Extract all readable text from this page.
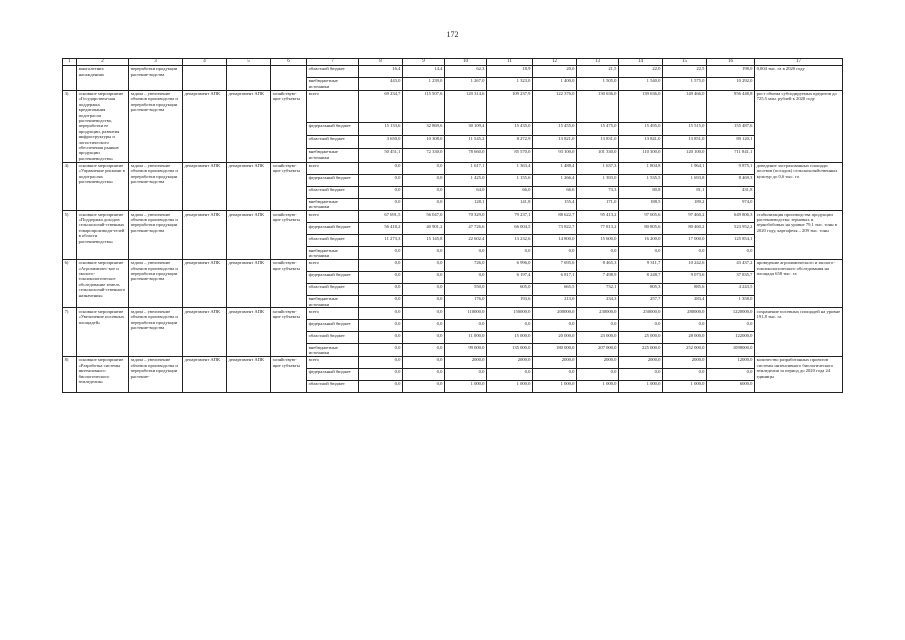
172
1	2	3	4	5	6	7	8	9	10	11	12	13	14	15	16	17
	многолетних насаждениях	переработки продукции растение-водства				областной бюджет	16,4	14,4	62,3	18,9	20,0	21,5	22,0	22,5	198,0	0,004 тыс. га в 2020 году
						внебюджетные источники	443,0	1 239,0	1 267,0	1 323,0	1 400,0	1 505,0	1 540,0	1 575,0	10 292,0	
3)	основное мероприятие «Государствен-ная поддержка кредитования подотрасли растениеводства, переработки ее продукции, развития инфраструктуры и логистического обеспечения рынков продукции растениеводства»	задача – увеличение объемов производства и переработки продукции растение-водства	департамент АПК	департамент АПК	хозяйствую-щие субъекты	всего	69 234,7	115 507,6	120 314,6	109 237,9	122 376,0	130 636,0	139 636,0	149 466,0	956 448,8	рост объема субсидируемых кредитов до 725,5 млн. рублей к 2020 году
						федеральный бюджет	15 133,6	32 869,6	30 109,4	15 435,0	15 455,0	15 475,0	15 495,0	15 515,0	155 487,6	
						областной бюджет	3 650,0	10 308,0	11 545,2	8 272,9	13 821,0	13 831,0	13 841,0	13 851,0	89 120,1	
						внебюджетные источники	50 451,1	72 330,0	78 660,0	85 570,0	93 100,0	101 330,0	110 300,0	120 100,0	711 841,1	
4)	основное мероприятие «Управление рисками в подотраслях растениеводства»	задача – увеличение объемов производства и переработки продукции растение-водства	департамент АПК	департамент АПК	хозяйствую-щие субъекты	всего	0,0	0,0	1 617,1	1 363,4	1 488,4	1 637,3	1 804,8	1 964,1	9 875,1	доведение застрахованных площади посевов (посадок) сельскохозяйственных культур до 0,6 тыс. га
						федеральный бюджет	0,0	0,0	1 425,0	1 155,6	1 266,4	1 393,0	1 535,5	1 693,8	8 469,3	
						областной бюджет	0,0	0,0	64,0	66,0	66,6	73,3	80,8	81,1	431,8	
						внебюджетные источники	0,0	0,0	128,1	141,8	155,4	171,0	188,5	189,2	974,0	
5)	основное мероприятие «Поддержка доходов сельскохозяй-ственных товаропроизводи-телей в области растениеводства»	задача – увеличение объемов производства и переработки продукции растение-водства	департамент АПК	департамент АПК	хозяйствую-щие субъекты	всего	67 691,5	56 047,0	70 329,0	79 237,1	88 622,7	95 413,2	97 005,6	97 460,2	649 806,3	стабилизация производства продукции растениеводства: зерновых и зернобобовых на уровне 79,1 тыс. тонн в 2020 году, картофеля – 209 тыс. тонн
						федеральный бюджет	56 418,2	40 901,2	47 726,6	66 004,5	73 822,7	77 813,2	80 805,6	80 460,2	523 952,2	
						областной бюджет	11 273,3	15 145,8	22 602,4	13 232,6	14 800,0	15 600,0	16 200,0	17 000,0	125 854,1	
						внебюджетные источники	0,0	0,0	0,0	0,0	0,0	0,0	0,0	0,0	0,0	
6)	основное мероприятие «Агрохимичес-кое и эколого-токсикологическое обследование земель сельскохозяй-ственного назначения»	задача – увеличение объемов производства и переработки продукции растение-водства	департамент АПК	департамент АПК	хозяйствую-щие субъекты	всего	0,0	0,0	726,0	6 996,0	7 695,6	8 465,3	9 311,7	10 242,6	43 437,2	проведение агрохимического и эколого-токсикологического обследования на площади 658 тыс. га
						федеральный бюджет	0,0	0,0	0,0	6 197,4	6 817,1	7 498,9	8 248,7	9 073,6	37 835,7	
						областной бюджет	0,0	0,0	550,0	605,0	665,5	732,1	805,3	885,6	4 243,5	
						внебюджетные источники	0,0	0,0	176,0	193,6	213,0	234,3	257,7	283,4	1 358,0	
7)	основное мероприятие «Увеличение посевных площадей»	задача – увеличение объемов производства и переработки продукции растение-водства	департамент АПК	департамент АПК	хозяйствую-щие субъекты	всего	0,0	0,0	110000,0	150000,0	200000,0	230000,0	250000,0	280000,0	1220000,0	сохранение посевных площадей на уровне 191,8 тыс. га
						федеральный бюджет	0,0	0,0	0,0	0,0	0,0	0,0	0,0	0,0	0,0	
						областной бюджет	0,0	0,0	11 000,0	15 000,0	20 000,0	23 000,0	25 000,0	28 000,0	122000,0	
						внебюджетные источники	0,0	0,0	99 000,0	135 000,0	180 000,0	207 000,0	225 000,0	252 000,0	1098000,0	
8)	основное мероприятие «Разработка системы интенсивного биологического земледелия»	задача – увеличение объемов производства и переработки продукции растение-	департамент АПК	департамент АПК	хозяйствую-щие субъекты	всего	0,0	0,0	2000,0	2000,0	2000,0	2000,0	2000,0	2000,0	12000,0	количество разработанных проектов системы интенсивного биологического земледелия за период до 2020 года 24 единицы
						федеральный бюджет	0,0	0,0	0,0	0,0	0,0	0,0	0,0	0,0	0,0	
						областной бюджет	0,0	0,0	1 000,0	1 000,0	1 000,0	1 000,0	1 000,0	1 000,0	6000,0	
